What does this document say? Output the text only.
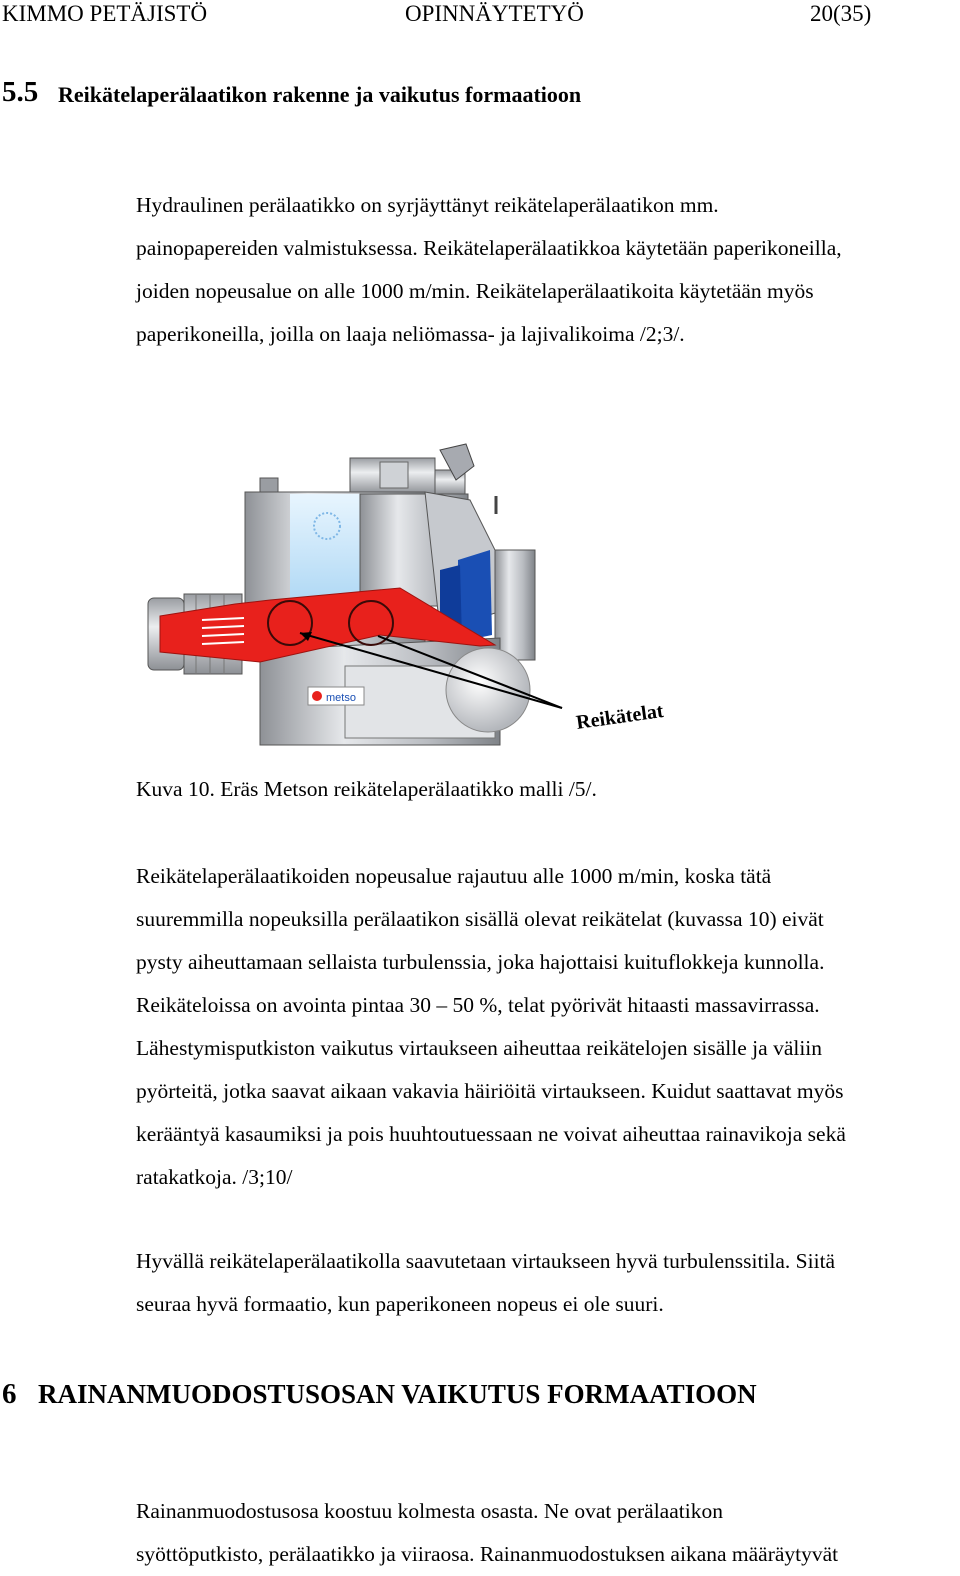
KIMMO PETÄJISTÖ	OPINNÄYTETYÖ	20(35)
5.5 Reikätelaperälaatikon rakenne ja vaikutus formaatioon
Hydraulinen perälaatikko on syrjäyttänyt reikätelaperälaatikon mm.
painopapereiden valmistuksessa. Reikätelaperälaatikkoa käytetään paperikoneilla,
joiden nopeusalue on alle 1000 m/min. Reikätelaperälaatikoita käytetään myös
paperikoneilla, joilla on laaja neliömassa- ja lajivalikoima /2;3/.
metso
Reikätelat
Kuva 10. Eräs Metson reikätelaperälaatikko malli /5/.
Reikätelaperälaatikoiden nopeusalue rajautuu alle 1000 m/min, koska tätä
suuremmilla nopeuksilla perälaatikon sisällä olevat reikätelat (kuvassa 10) eivät
pysty aiheuttamaan sellaista turbulenssia, joka hajottaisi kuituflokkeja kunnolla.
Reikäteloissa on avointa pintaa 30 – 50 %, telat pyörivät hitaasti massavirrassa.
Lähestymisputkiston vaikutus virtaukseen aiheuttaa reikätelojen sisälle ja väliin
pyörteitä, jotka saavat aikaan vakavia häiriöitä virtaukseen. Kuidut saattavat myös
kerääntyä kasaumiksi ja pois huuhtoutuessaan ne voivat aiheuttaa rainavikoja sekä
ratakatkoja. /3;10/
Hyvällä reikätelaperälaatikolla saavutetaan virtaukseen hyvä turbulenssitila. Siitä
seuraa hyvä formaatio, kun paperikoneen nopeus ei ole suuri.
6 RAINANMUODOSTUSOSAN VAIKUTUS FORMAATIOON
Rainanmuodostusosa koostuu kolmesta osasta. Ne ovat perälaatikon
syöttöputkisto, perälaatikko ja viiraosa. Rainanmuodostuksen aikana määräytyvät
